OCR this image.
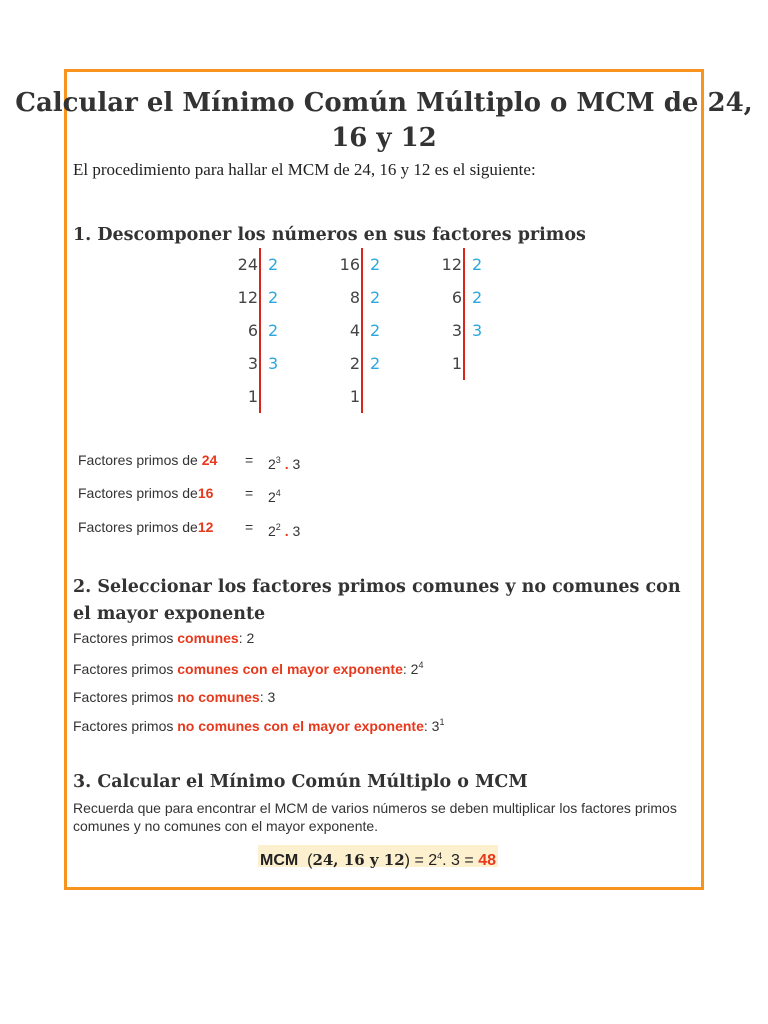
Calcular el Mínimo Común Múltiplo o MCM de 24, 16 y 12
El procedimiento para hallar el MCM de 24, 16 y 12 es el siguiente:
1. Descomponer los números en sus factores primos
24 2
12 2
6 2
3 3
1
16 2
8 2
4 2
2 2
1
12 2
6 2
3 3
1
Factores primos de $24 = 2^3$ . 3
Factores primos $de16 = 2^4$
Factores primos $de12 = 2^2$ . 3
2. Seleccionar los factores primos comunes y no comunes con el mayor exponente
Factores primos comunes: 2
Factores primos comunes con el mayor exponente: $2^4$
Factores primos no comunes: 3
Factores primos no comunes con el mayor exponente: $3^1$
3. Calcular el Mínimo Común Múltiplo o MCM
Recuerda que para encontrar el MCM de varios números se deben multiplicar los factores primos comunes y no comunes con el mayor exponente.
MCM (24, 16 y $12) = 2^4$. 3 = 48
